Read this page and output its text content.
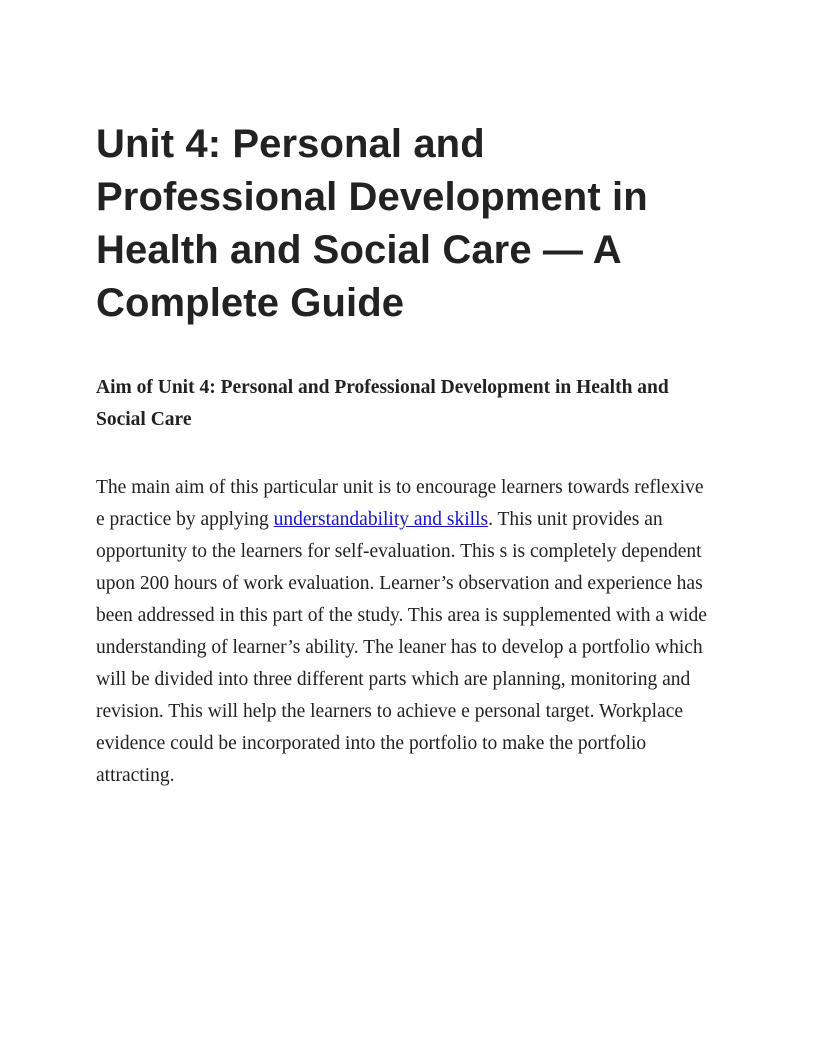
Unit 4: Personal and Professional Development in Health and Social Care — A Complete Guide
Aim of Unit 4: Personal and Professional Development in Health and Social Care

The main aim of this particular unit is to encourage learners towards reflexive e practice by applying understandability and skills. This unit provides an opportunity to the learners for self-evaluation. This s is completely dependent upon 200 hours of work evaluation. Learner’s observation and experience has been addressed in this part of the study. This area is supplemented with a wide understanding of learner’s ability. The leaner has to develop a portfolio which will be divided into three different parts which are planning, monitoring and revision. This will help the learners to achieve e personal target. Workplace evidence could be incorporated into the portfolio to make the portfolio attracting.
